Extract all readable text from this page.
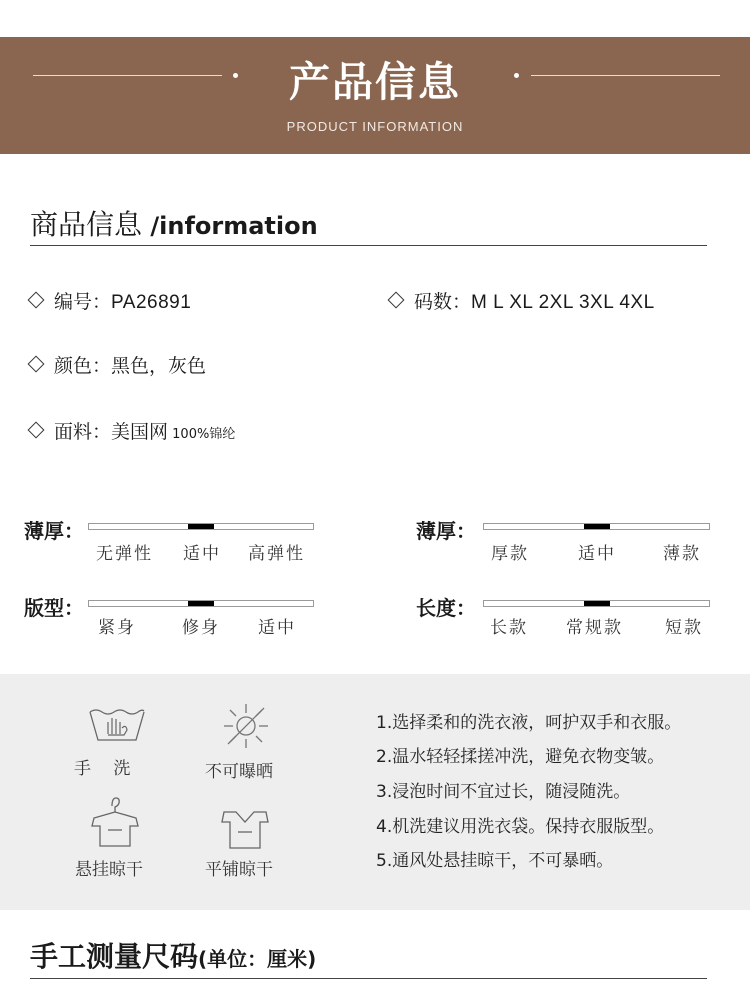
产品信息
PRODUCT INFORMATION
商品信息 /information
编号：PA26891	码数：M L XL 2XL 3XL 4XL
颜色：黑色，灰色
面料：美国网 100%锦纶
薄厚：
无弹性 适中 高弹性
薄厚：
厚款	适中	薄款
版型：
紧身	修身 适中
长度：
长款 常规款 短款
手　 洗	不可曝晒
悬挂晾干	平铺晾干
1.选择柔和的洗衣液，呵护双手和衣服。
2.温水轻轻揉搓冲洗，避免衣物变皱。
3.浸泡时间不宜过长，随浸随洗。
4.机洗建议用洗衣袋。保持衣服版型。
5.通风处悬挂晾干，不可暴晒。
手工测量尺码(单位：厘米)
